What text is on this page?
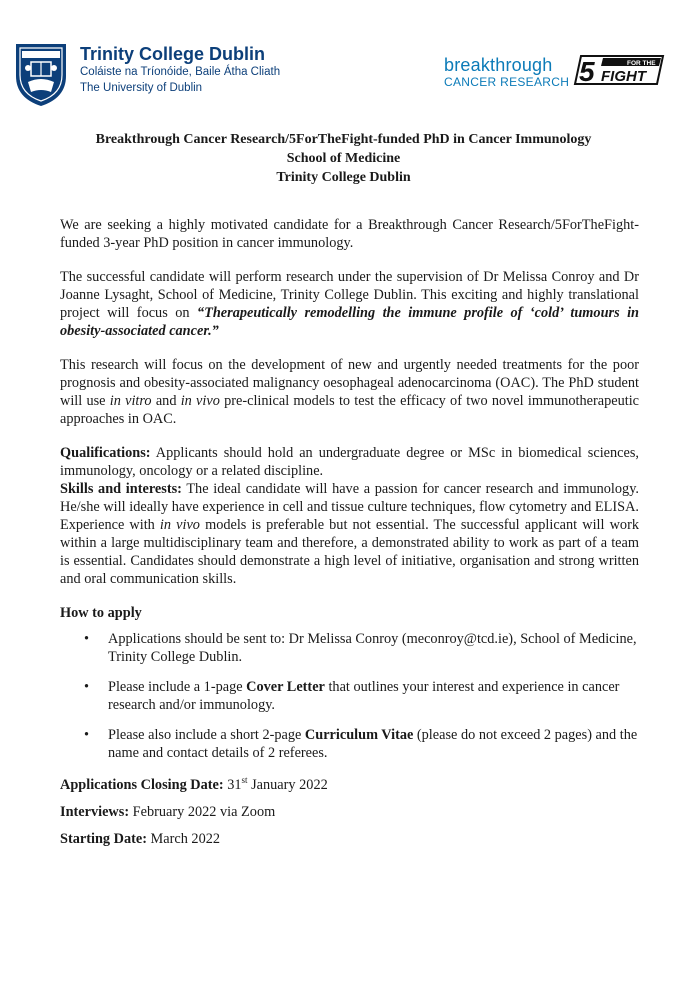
Trinity College Dublin
Coláiste na Tríonóide, Baile Átha Cliath
The University of Dublin
breakthrough
CANCER RESEARCH 5	FOR THE
FIGHT
Breakthrough Cancer Research/5ForTheFight-funded PhD in Cancer Immunology
School of Medicine
Trinity College Dublin

We are seeking a highly motivated candidate for a Breakthrough Cancer Research/5ForTheFight-funded 3-year PhD position in cancer immunology.

The successful candidate will perform research under the supervision of Dr Melissa Conroy and Dr Joanne Lysaght, School of Medicine, Trinity College Dublin. This exciting and highly translational project will focus on “Therapeutically remodelling the immune profile of ‘cold’ tumours in obesity-associated cancer.”

This research will focus on the development of new and urgently needed treatments for the poor prognosis and obesity-associated malignancy oesophageal adenocarcinoma (OAC). The PhD student will use in vitro and in vivo pre-clinical models to test the efficacy of two novel immunotherapeutic approaches in OAC.

Qualifications: Applicants should hold an undergraduate degree or MSc in biomedical sciences, immunology, oncology or a related discipline.

Skills and interests: The ideal candidate will have a passion for cancer research and immunology. He/she will ideally have experience in cell and tissue culture techniques, flow cytometry and ELISA. Experience with in vivo models is preferable but not essential. The successful applicant will work within a large multidisciplinary team and therefore, a demonstrated ability to work as part of a team is essential. Candidates should demonstrate a high level of initiative, organisation and strong written and oral communication skills.

How to apply
• Applications should be sent to: Dr Melissa Conroy (meconroy@tcd.ie), School of Medicine, Trinity College Dublin.
• Please include a 1-page Cover Letter that outlines your interest and experience in cancer research and/or immunology.
• Please also include a short 2-page Curriculum Vitae (please do not exceed 2 pages) and the name and contact details of 2 referees.

Applications Closing Date: 31st January 2022

Interviews: February 2022 via Zoom

Starting Date: March 2022
